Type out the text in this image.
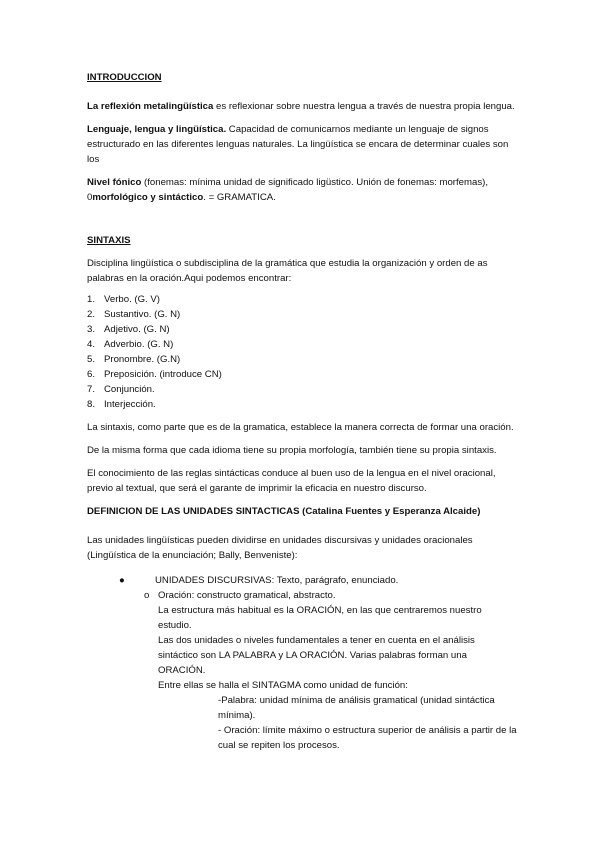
INTRODUCCION

La reflexión metalingüística es reflexionar sobre nuestra lengua a través de nuestra propia lengua.

Lenguaje, lengua y lingüística. Capacidad de comunicarnos mediante un lenguaje de signos estructurado en las diferentes lenguas naturales. La lingüística se encara de determinar cuales son los

Nivel fónico (fonemas: mínima unidad de significado ligüstico. Unión de fonemas: morfemas), 0morfológico y sintáctico. = GRAMATICA.

SINTAXIS

Disciplina lingüística o subdisciplina de la gramática que estudia la organización y orden de as palabras en la oración.Aqui podemos encontrar:

1. Verbo. (G. V)
2. Sustantivo. (G. N)
3. Adjetivo. (G. N)
4. Adverbio. (G. N)
5. Pronombre. (G.N)
6. Preposición. (introduce CN)
7. Conjunción.
8. Interjección.

La sintaxis, como parte que es de la gramatica, establece la manera correcta de formar una oración.

De la misma forma que cada idioma tiene su propia morfología, también tiene su propia sintaxis.

El conocimiento de las reglas sintácticas conduce al buen uso de la lengua en el nivel oracional, previo al textual, que será el garante de imprimir la eficacia en nuestro discurso.

DEFINICION DE LAS UNIDADES SINTACTICAS (Catalina Fuentes y Esperanza Alcaide)

Las unidades lingüísticas pueden dividirse en unidades discursivas y unidades oracionales (Lingüística de la enunciación; Bally, Benveniste):

●	UNIDADES DISCURSIVAS: Texto, parágrafo, enunciado.
o Oración: constructo gramatical, abstracto.

La estructura más habitual es la ORACIÓN, en las que centraremos nuestro estudio.

Las dos unidades o niveles fundamentales a tener en cuenta en el análisis sintáctico son LA PALABRA y LA ORACIÓN. Varias palabras forman una ORACIÓN.

Entre ellas se halla el SINTAGMA como unidad de función:

-Palabra: unidad mínima de análisis gramatical (unidad sintáctica mínima).

- Oración: límite máximo o estructura superior de análisis a partir de la cual se repiten los procesos.
